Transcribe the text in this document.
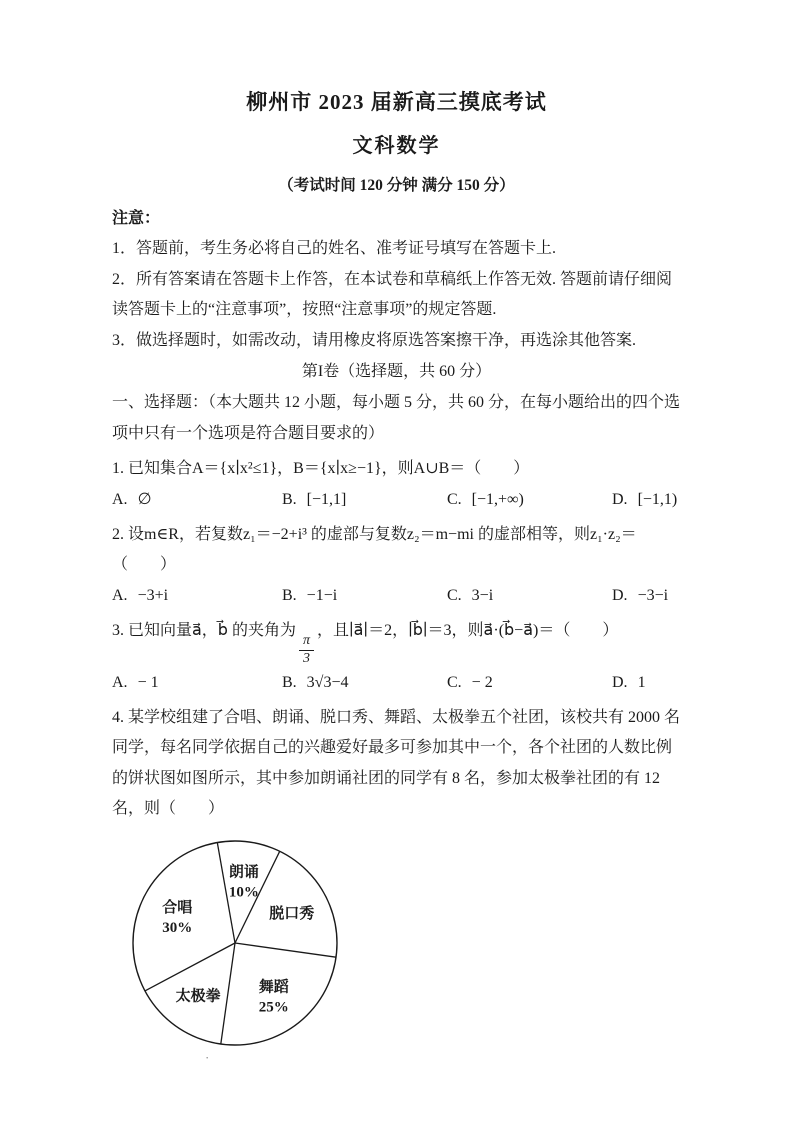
柳州市 2023 届新高三摸底考试
文科数学
（考试时间 120 分钟 满分 150 分）
注意：

1．答题前，考生务必将自己的姓名、准考证号填写在答题卡上.

2．所有答案请在答题卡上作答，在本试卷和草稿纸上作答无效. 答题前请仔细阅读答题卡上的“注意事项”，按照“注意事项”的规定答题.

3．做选择题时，如需改动，请用橡皮将原选答案擦干净，再选涂其他答案.

第I卷（选择题，共 60 分）

一、选择题：（本大题共 12 小题，每小题 5 分，共 60 分，在每小题给出的四个选项中只有一个选项是符合题目要求的）

1. 已知集合A＝{x∣x²≤1}，B＝{x∣x≥−1}，则A∪B＝（　　）

A. ∅	B. [−1,1]	C. [−1,+∞)	D. [−1,1)

2. 设m∈R，若复数z₁＝−2+i³ 的虚部与复数z₂＝m−mi 的虚部相等，则z₁·z₂＝

（　　）

A. −3+i	B. −1−i	C. 3−i	D. −3−i

3. 已知向量a⃗，b⃗ 的夹角为
$\frac{\pi}{3}$
，且∣a⃗∣＝2，∣b⃗∣＝3，则a⃗·(b⃗−a⃗)＝（　　）

A. − 1	B. 3√3−4	C. − 2	D. 1

4. 某学校组建了合唱、朗诵、脱口秀、舞蹈、太极拳五个社团，该校共有 2000 名同学，每名同学依据自己的兴趣爱好最多可参加其中一个，各个社团的人数比例的饼状图如图所示，其中参加朗诵社团的同学有 8 名，参加太极拳社团的有 12 名，则（　　）

朗诵 10%
脱口秀
舞蹈 25%
太极拳
合唱 30%
·
